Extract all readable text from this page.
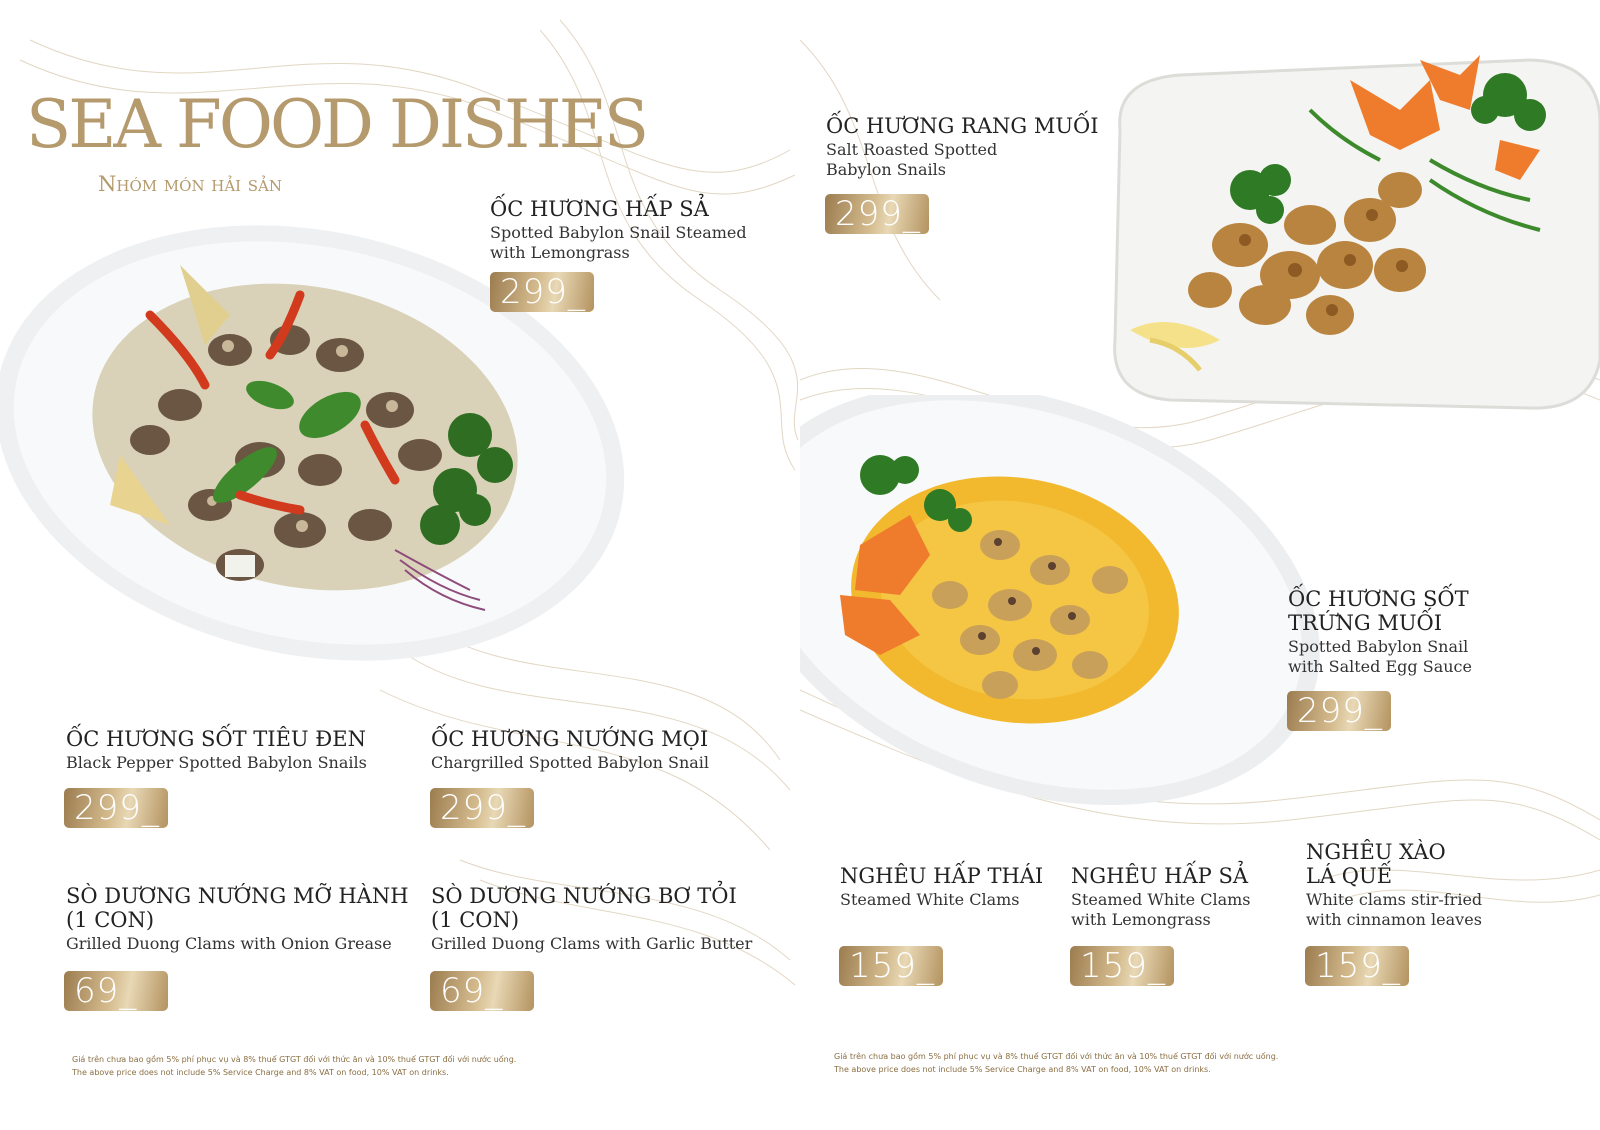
SEA FOOD DISHES
Nhóm món hải sản
ỐC HƯƠNG HẤP SẢ
Spotted Babylon Snail Steamed
with Lemongrass
299_
ỐC HƯƠNG SỐT TIÊU ĐEN
Black Pepper Spotted Babylon Snails
299_
ỐC HƯƠNG NƯỚNG MỌI
Chargrilled Spotted Babylon Snail
299_
SÒ DƯƠNG NƯỚNG MỠ HÀNH
(1 CON)
Grilled Duong Clams with Onion Grease
69_
SÒ DƯƠNG NƯỚNG BƠ TỎI
(1 CON)
Grilled Duong Clams with Garlic Butter
69_
Giá trên chưa bao gồm 5% phí phục vụ và 8% thuế GTGT đối với thức ăn và 10% thuế GTGT đối với nước uống.
The above price does not include 5% Service Charge and 8% VAT on food, 10% VAT on drinks.
ỐC HƯƠNG RANG MUỐI
Salt Roasted Spotted
Babylon Snails
299_
ỐC HƯƠNG SỐT
TRỨNG MUỐI
Spotted Babylon Snail
with Salted Egg Sauce
299_
NGHÊU HẤP THÁI
Steamed White Clams
159_
NGHÊU HẤP SẢ
Steamed White Clams
with Lemongrass
159_
NGHÊU XÀO
LÁ QUẾ
White clams stir-fried
with cinnamon leaves
159_
Giá trên chưa bao gồm 5% phí phục vụ và 8% thuế GTGT đối với thức ăn và 10% thuế GTGT đối với nước uống.
The above price does not include 5% Service Charge and 8% VAT on food, 10% VAT on drinks.
